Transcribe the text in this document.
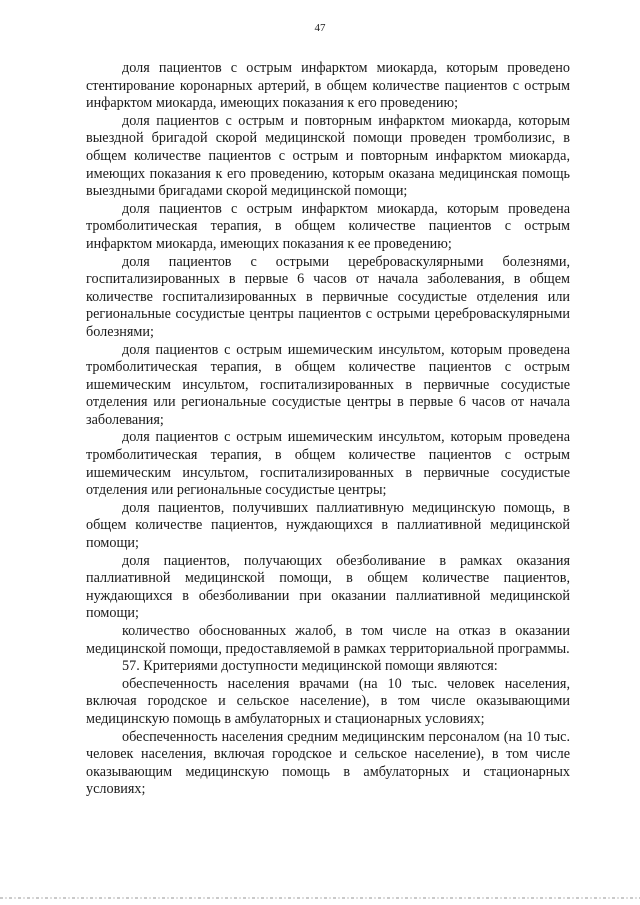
47

доля пациентов с острым инфарктом миокарда, которым проведено стентирование коронарных артерий, в общем количестве пациентов с острым инфарктом миокарда, имеющих показания к его проведению;

доля пациентов с острым и повторным инфарктом миокарда, которым выездной бригадой скорой медицинской помощи проведен тромболизис, в общем количестве пациентов с острым и повторным инфарктом миокарда, имеющих показания к его проведению, которым оказана медицинская помощь выездными бригадами скорой медицинской помощи;

доля пациентов с острым инфарктом миокарда, которым проведена тромболитическая терапия, в общем количестве пациентов с острым инфарктом миокарда, имеющих показания к ее проведению;

доля пациентов с острыми цереброваскулярными болезнями, госпитализированных в первые 6 часов от начала заболевания, в общем количестве госпитализированных в первичные сосудистые отделения или региональные сосудистые центры пациентов с острыми цереброваскулярными болезнями;

доля пациентов с острым ишемическим инсультом, которым проведена тромболитическая терапия, в общем количестве пациентов с острым ишемическим инсультом, госпитализированных в первичные сосудистые отделения или региональные сосудистые центры в первые 6 часов от начала заболевания;

доля пациентов с острым ишемическим инсультом, которым проведена тромболитическая терапия, в общем количестве пациентов с острым ишемическим инсультом, госпитализированных в первичные сосудистые отделения или региональные сосудистые центры;

доля пациентов, получивших паллиативную медицинскую помощь, в общем количестве пациентов, нуждающихся в паллиативной медицинской помощи;

доля пациентов, получающих обезболивание в рамках оказания паллиативной медицинской помощи, в общем количестве пациентов, нуждающихся в обезболивании при оказании паллиативной медицинской помощи;

количество обоснованных жалоб, в том числе на отказ в оказании медицинской помощи, предоставляемой в рамках территориальной программы.

57. Критериями доступности медицинской помощи являются:

обеспеченность населения врачами (на 10 тыс. человек населения, включая городское и сельское население), в том числе оказывающими медицинскую помощь в амбулаторных и стационарных условиях;

обеспеченность населения средним медицинским персоналом (на 10 тыс. человек населения, включая городское и сельское население), в том числе оказывающим медицинскую помощь в амбулаторных и стационарных условиях;
